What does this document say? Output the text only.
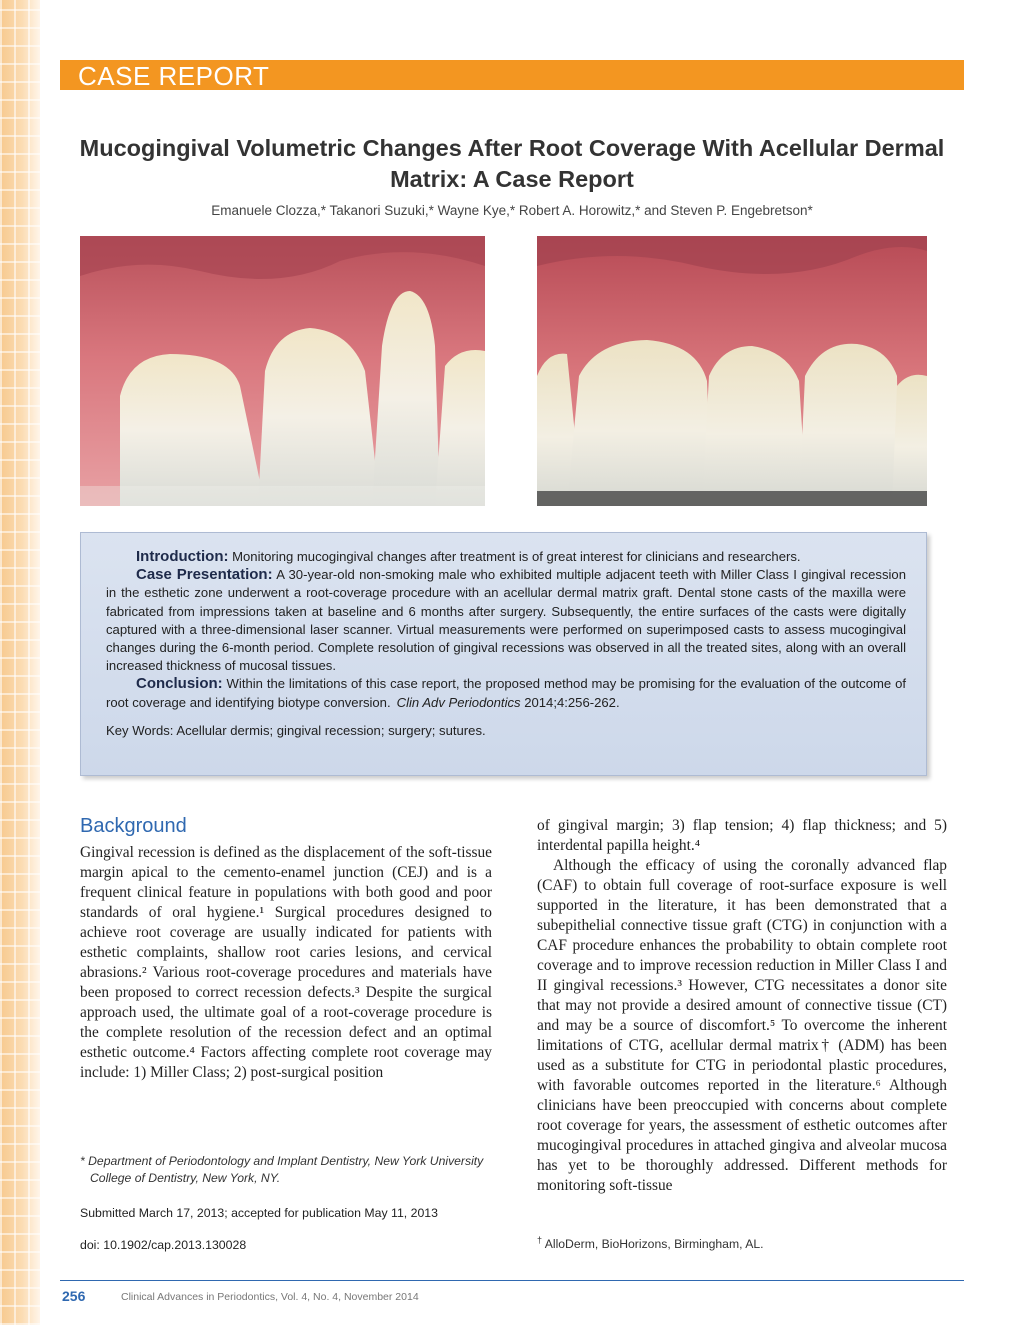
CASE REPORT
Mucogingival Volumetric Changes After Root Coverage With Acellular Dermal Matrix: A Case Report
Emanuele Clozza,* Takanori Suzuki,* Wayne Kye,* Robert A. Horowitz,* and Steven P. Engebretson*

Introduction: Monitoring mucogingival changes after treatment is of great interest for clinicians and researchers.

Case Presentation: A 30-year-old non-smoking male who exhibited multiple adjacent teeth with Miller Class I gingival recession in the esthetic zone underwent a root-coverage procedure with an acellular dermal matrix graft. Dental stone casts of the maxilla were fabricated from impressions taken at baseline and 6 months after surgery. Subsequently, the entire surfaces of the casts were digitally captured with a three-dimensional laser scanner. Virtual measurements were performed on superimposed casts to assess mucogingival changes during the 6-month period. Complete resolution of gingival recessions was observed in all the treated sites, along with an overall increased thickness of mucosal tissues.

Conclusion: Within the limitations of this case report, the proposed method may be promising for the evaluation of the outcome of root coverage and identifying biotype conversion. Clin Adv Periodontics 2014;4:256-262.

Key Words: Acellular dermis; gingival recession; surgery; sutures.

Background

Gingival recession is defined as the displacement of the soft-tissue margin apical to the cemento-enamel junction (CEJ) and is a frequent clinical feature in populations with both good and poor standards of oral hygiene.¹ Surgical procedures designed to achieve root coverage are usually indicated for patients with esthetic complaints, shallow root caries lesions, and cervical abrasions.² Various root-coverage procedures and materials have been proposed to correct recession defects.³ Despite the surgical approach used, the ultimate goal of a root-coverage procedure is the complete resolution of the recession defect and an optimal esthetic outcome.⁴ Factors affecting complete root coverage may include: 1) Miller Class; 2) post-surgical position

of gingival margin; 3) flap tension; 4) flap thickness; and 5) interdental papilla height.⁴

Although the efficacy of using the coronally advanced flap (CAF) to obtain full coverage of root-surface exposure is well supported in the literature, it has been demonstrated that a subepithelial connective tissue graft (CTG) in conjunction with a CAF procedure enhances the probability to obtain complete root coverage and to improve recession reduction in Miller Class I and II gingival recessions.³ However, CTG necessitates a donor site that may not provide a desired amount of connective tissue (CT) and may be a source of discomfort.⁵ To overcome the inherent limitations of CTG, acellular dermal matrix† (ADM) has been used as a substitute for CTG in periodontal plastic procedures, with favorable outcomes reported in the literature.⁶ Although clinicians have been preoccupied with concerns about complete root coverage for years, the assessment of esthetic outcomes after mucogingival procedures in attached gingiva and alveolar mucosa has yet to be thoroughly addressed. Different methods for monitoring soft-tissue

* Department of Periodontology and Implant Dentistry, New York University College of Dentistry, New York, NY.
Submitted March 17, 2013; accepted for publication May 11, 2013
doi: 10.1902/cap.2013.130028	† AlloDerm, BioHorizons, Birmingham, AL.
256	Clinical Advances in Periodontics, Vol. 4, No. 4, November 2014
